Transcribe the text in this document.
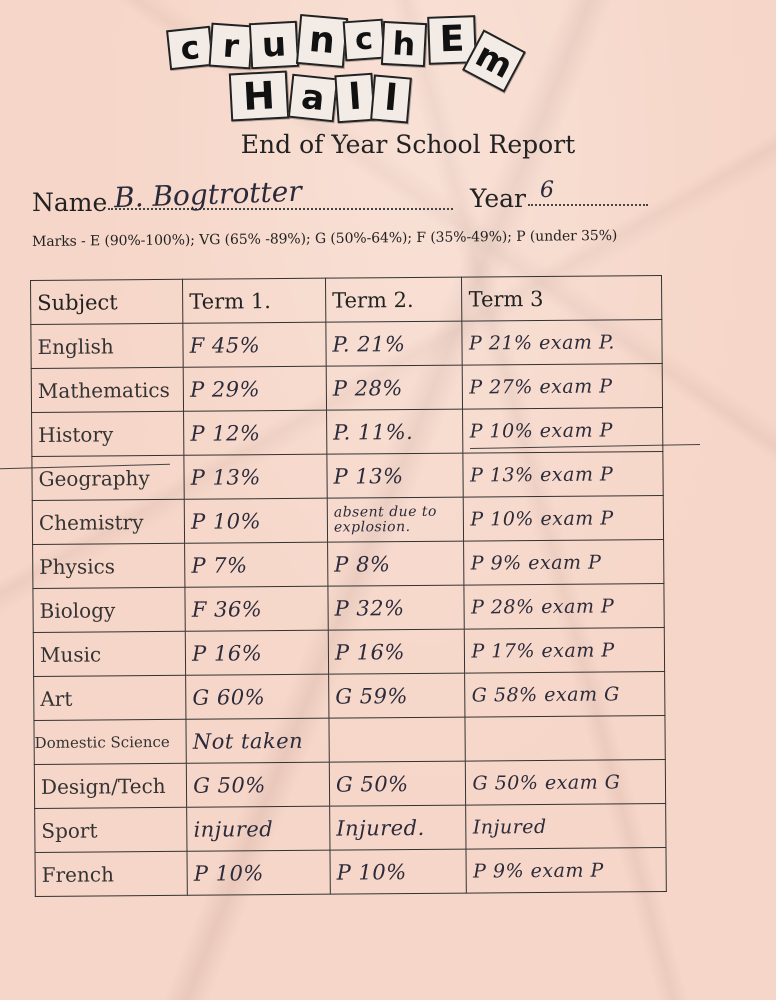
c r u n c h E m
H a l l
End of Year School Report
Name B. Bogtrotter	Year 6
Marks - E (90%-100%); VG (65% -89%); G (50%-64%); F (35%-49%); P (under 35%)
Subject	Term 1.	Term 2.	Term 3
English	F 45%	P. 21%	P 21% exam P.
Mathematics	P 29%	P 28%	P 27% exam P
History	P 12%	P. 11%.	P 10% exam P
Geography	P 13%	P 13%	P 13% exam P
Chemistry	P 10%	absent due to explosion.	P 10% exam P
Physics	P 7%	P 8%	P 9% exam P
Biology	F 36%	P 32%	P 28% exam P
Music	P 16%	P 16%	P 17% exam P
Art	G 60%	G 59%	G 58% exam G
Domestic Science	Not taken		
Design/Tech	G 50%	G 50%	G 50% exam G
Sport	injured	Injured.	Injured
French	P 10%	P 10%	P 9% exam P
